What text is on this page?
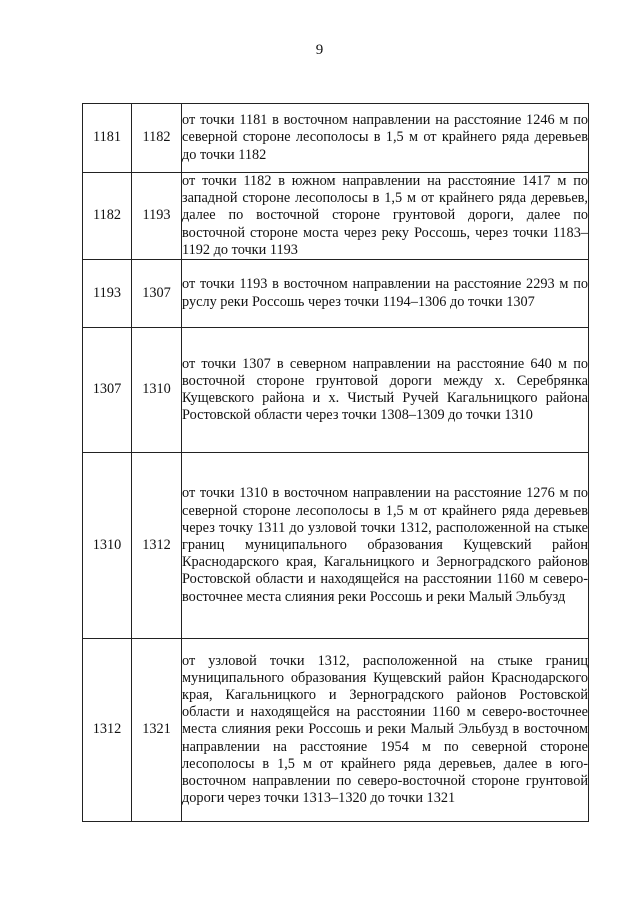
9
1181	1182	от точки 1181 в восточном направлении на расстояние 1246 м по северной стороне лесополосы в 1,5 м от крайнего ряда деревьев до точки 1182
1182	1193	от точки 1182 в южном направлении на расстояние 1417 м по западной стороне лесополосы в 1,5 м от крайнего ряда деревьев, далее по восточной стороне грунтовой дороги, далее по восточной стороне моста через реку Россошь, через точки 1183–1192 до точки 1193
1193	1307	от точки 1193 в восточном направлении на расстояние 2293 м по руслу реки Россошь через точки 1194–1306 до точки 1307
1307	1310	от точки 1307 в северном направлении на расстояние 640 м по восточной стороне грунтовой дороги между х. Серебрянка Кущевского района и х. Чистый Ручей Кагальницкого района Ростовской области через точки 1308–1309 до точки 1310
1310	1312	от точки 1310 в восточном направлении на расстояние 1276 м по северной стороне лесополосы в 1,5 м от крайнего ряда деревьев через точку 1311 до узловой точки 1312, расположенной на стыке границ муниципального образования Кущевский район Краснодарского края, Кагальницкого и Зерноградского районов Ростовской области и находящейся на расстоянии 1160 м северо-восточнее места слияния реки Россошь и реки Малый Эльбузд
1312	1321	от узловой точки 1312, расположенной на стыке границ муниципального образования Кущевский район Краснодарского края, Кагальницкого и Зерноградского районов Ростовской области и находящейся на расстоянии 1160 м северо-восточнее места слияния реки Россошь и реки Малый Эльбузд в восточном направлении на расстояние 1954 м по северной стороне лесополосы в 1,5 м от крайнего ряда деревьев, далее в юго-восточном направлении по северо-восточной стороне грунтовой дороги через точки 1313–1320 до точки 1321
